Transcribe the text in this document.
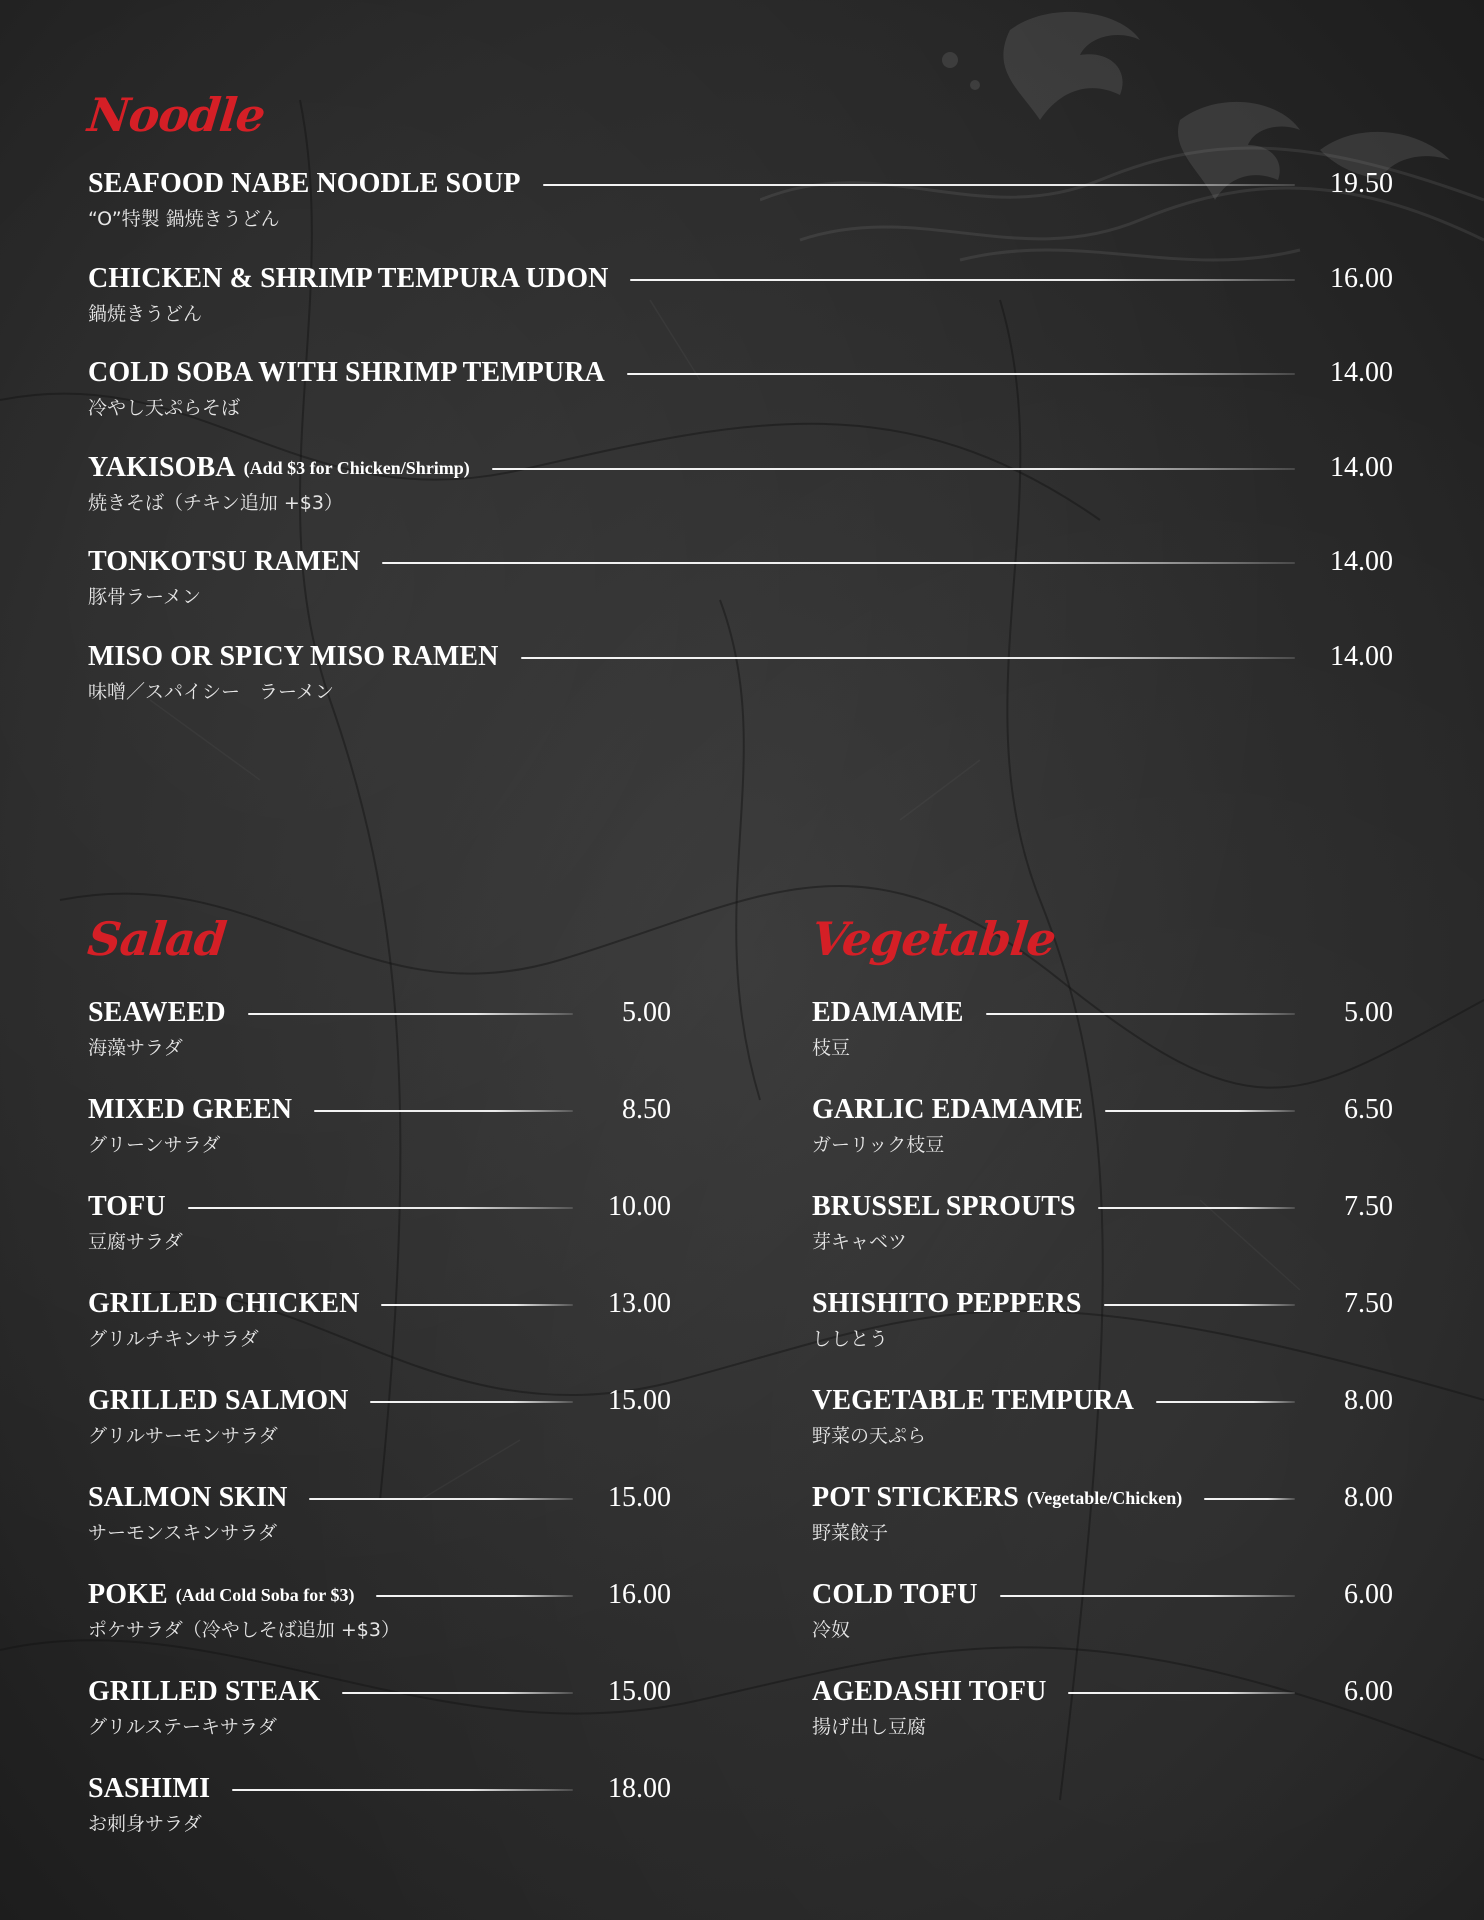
Noodle
SEAFOOD NABE NOODLE SOUP	19.50
“O”特製 鍋焼きうどん
CHICKEN & SHRIMP TEMPURA UDON	16.00
鍋焼きうどん
COLD SOBA WITH SHRIMP TEMPURA	14.00
冷やし天ぷらそば
YAKISOBA (Add $3 for Chicken/Shrimp)	14.00
焼きそば（チキン追加 +$3）
TONKOTSU RAMEN	14.00
豚骨ラーメン
MISO OR SPICY MISO RAMEN	14.00
味噌／スパイシー　ラーメン
Salad
SEAWEED	5.00
海藻サラダ
MIXED GREEN	8.50
グリーンサラダ
TOFU	10.00
豆腐サラダ
GRILLED CHICKEN	13.00
グリルチキンサラダ
GRILLED SALMON	15.00
グリルサーモンサラダ
SALMON SKIN	15.00
サーモンスキンサラダ
POKE (Add Cold Soba for $3)	16.00
ポケサラダ（冷やしそば追加 +$3）
GRILLED STEAK	15.00
グリルステーキサラダ
SASHIMI	18.00
お刺身サラダ
Vegetable
EDAMAME	5.00
枝豆
GARLIC EDAMAME	6.50
ガーリック枝豆
BRUSSEL SPROUTS	7.50
芽キャベツ
SHISHITO PEPPERS	7.50
ししとう
VEGETABLE TEMPURA	8.00
野菜の天ぷら
POT STICKERS (Vegetable/Chicken)	8.00
野菜餃子
COLD TOFU	6.00
冷奴
AGEDASHI TOFU	6.00
揚げ出し豆腐
